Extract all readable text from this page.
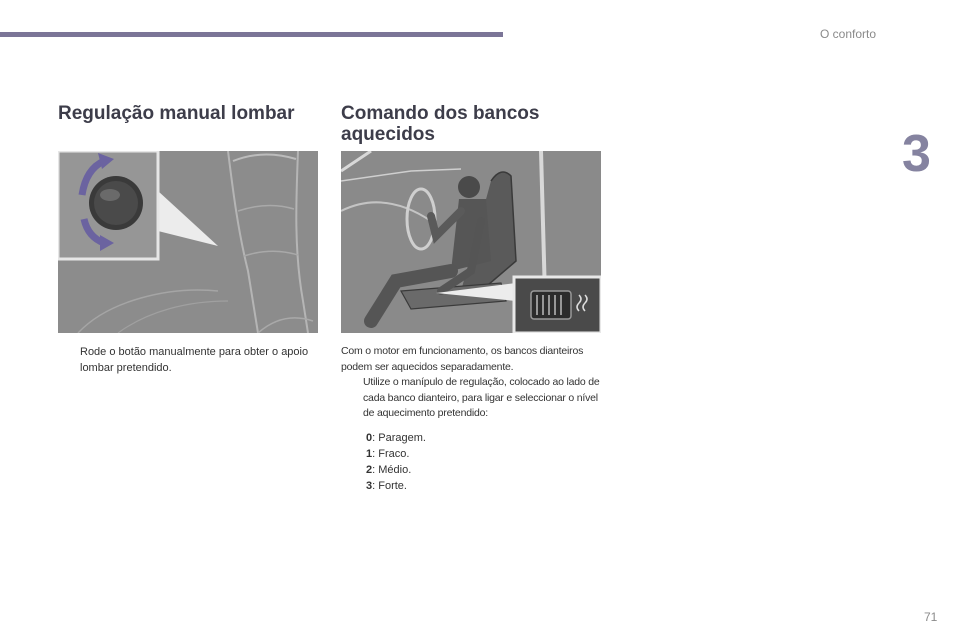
O conforto
3
Regulação manual lombar Comando dos bancos aquecidos
Rode o botão manualmente para obter o apoio lombar pretendido.

Com o motor em funcionamento, os bancos dianteiros podem ser aquecidos separadamente.

Utilize o manípulo de regulação, colocado ao lado de cada banco dianteiro, para ligar e seleccionar o nível de aquecimento pretendido:
0: Paragem.
1: Fraco.
2: Médio.
3: Forte.
71
